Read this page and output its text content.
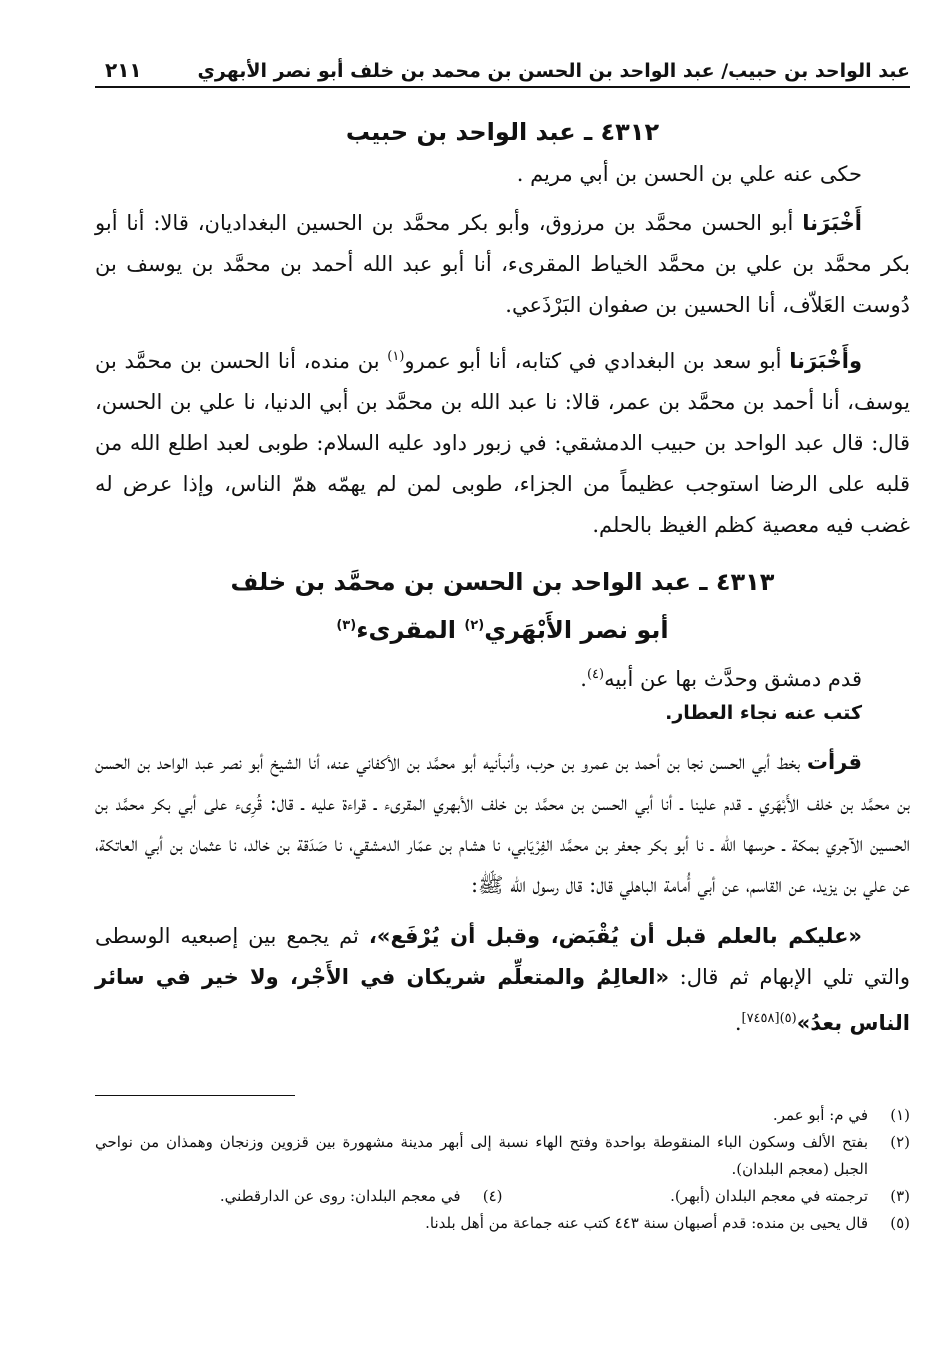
عبد الواحد بن حبيب/ عبد الواحد بن الحسن بن محمد بن خلف أبو نصر الأبهري
٢١١
٤٣١٢ ـ عبد الواحد بن حبيب

حكى عنه علي بن الحسن بن أبي مريم .

أَخْبَرَنا أبو الحسن محمَّد بن مرزوق، وأبو بكر محمَّد بن الحسين البغداديان، قالا: أنا أبو بكر محمَّد بن علي بن محمَّد الخياط المقرىء، أنا أبو عبد الله أحمد بن محمَّد بن يوسف بن دُوست العَلاّف، أنا الحسين بن صفوان البَرْذَعي.

وأَخْبَرَنا أبو سعد بن البغدادي في كتابه، أنا أبو عمرو$^{(١)}$ بن منده، أنا الحسن بن محمَّد بن يوسف، أنا أحمد بن محمَّد بن عمر، قالا: نا عبد الله بن محمَّد بن أبي الدنيا، نا علي بن الحسن، قال: قال عبد الواحد بن حبيب الدمشقي: في زبور داود عليه السلام: طوبى لعبد اطلع الله من قلبه على الرضا استوجب عظيماً من الجزاء، طوبى لمن لم يهمّه همّ الناس، وإذا عرض له غضب فيه معصية كظم الغيظ بالحلم.

٤٣١٣ ـ عبد الواحد بن الحسن بن محمَّد بن خلف
أبو نصر الأَبْهَري$^{(٢)}$ المقرىء$^{(٣)}$

قدم دمشق وحدَّث بها عن أبيه$^{(٤)}$.

كتب عنه نجاء العطار.

قرأت بخط أبي الحسن نجا بن أحمد بن عمرو بن حرب، وأنبأنيه أبو محمَّد بن الأكفاني عنه، أنا الشيخ أبو نصر عبد الواحد بن الحسن بن محمَّد بن خلف الأَبْهَري ـ قدم علينا ـ أنا أبي الحسن بن محمَّد بن خلف الأبهري المقرىء ـ قراءة عليه ـ قال: قُرِىء على أبي بكر محمَّد بن الحسين الآجري بمكة ـ حرسها الله ـ نا أبو بكر جعفر بن محمَّد الفِرْيَابي، نا هشام بن عمّار الدمشقي، نا صَدَقة بن خالد، نا عثمان بن أبي العاتكة، عن علي بن يزيد، عن القاسم، عن أبي أُمامة الباهلي قال: قال رسول الله ﷺ:

«عليكم بالعلم قبل أن يُقْبَض، وقبل أن يُرْفَع»، ثم يجمع بين إصبعيه الوسطى والتي تلي الإبهام ثم قال: «العالِمُ والمتعلِّم شريكان في الأَجْر، ولا خير في سائر الناس بعدُ»$^{(٥)[٧٤٥٨]}$.

(١)
في م: أبو عمر.
(٢)
بفتح الألف وسكون الباء المنقوطة بواحدة وفتح الهاء نسبة إلى أبهر مدينة مشهورة بين قزوين وزنجان وهمذان من نواحي الجبل (معجم البلدان).
(٣)
ترجمته في معجم البلدان (أبهر).
(٤)
في معجم البلدان: روى عن الدارقطني.
(٥)
قال يحيى بن منده: قدم أصبهان سنة ٤٤٣ كتب عنه جماعة من أهل بلدنا.
